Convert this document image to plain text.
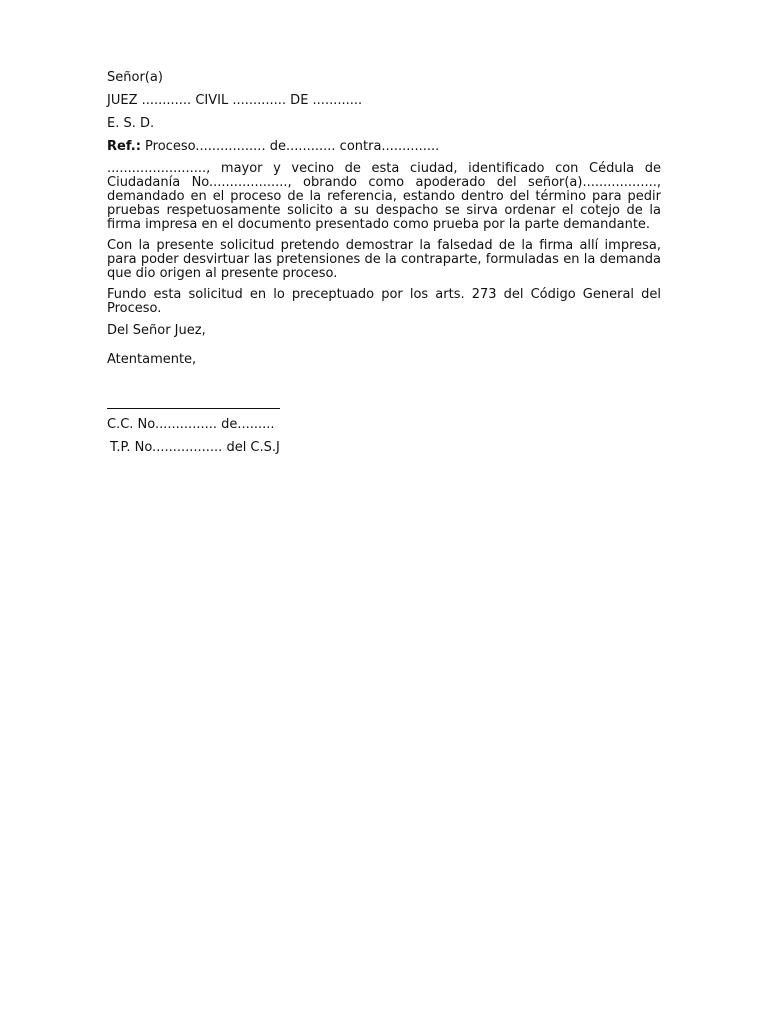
Señor(a)
JUEZ ............ CIVIL ............. DE ............
E. S. D.
Ref.: Proceso................. de............ contra..............
........................, mayor y vecino de esta ciudad, identificado con Cédula de Ciudadanía No..................., obrando como apoderado del señor(a).................., demandado en el proceso de la referencia, estando dentro del término para pedir pruebas respetuosamente solicito a su despacho se sirva ordenar el cotejo de la firma impresa en el documento presentado como prueba por la parte demandante.
Con la presente solicitud pretendo demostrar la falsedad de la firma allí impresa, para poder desvirtuar las pretensiones de la contraparte, formuladas en la demanda que dio origen al presente proceso.
Fundo esta solicitud en lo preceptuado por los arts. 273 del Código General del Proceso.
Del Señor Juez,
Atentamente,
C.C. No............... de.........
T.P. No................. del C.S.J
